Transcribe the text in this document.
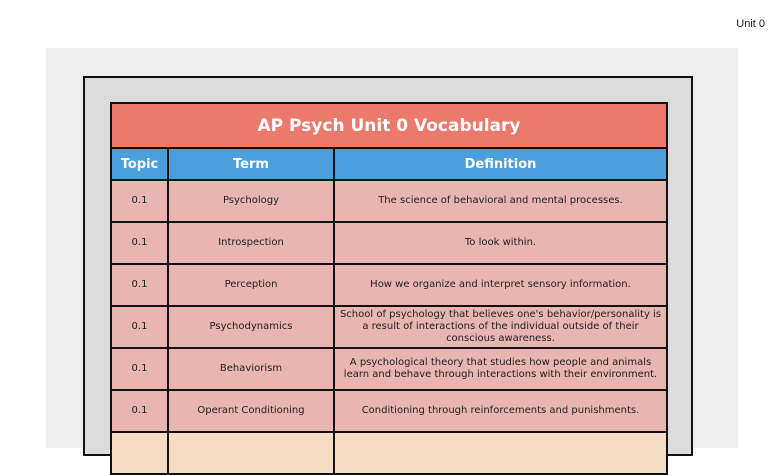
Unit 0
AP Psych Unit 0 Vocabulary		
Topic	Term	Definition
0.1	Psychology	The science of behavioral and mental processes.
0.1	Introspection	To look within.
0.1	Perception	How we organize and interpret sensory information.
0.1	Psychodynamics	School of psychology that believes one's behavior/personality is a result of interactions of the individual outside of their conscious awareness.
0.1	Behaviorism	A psychological theory that studies how people and animals learn and behave through interactions with their environment.
0.1	Operant Conditioning	Conditioning through reinforcements and punishments.
